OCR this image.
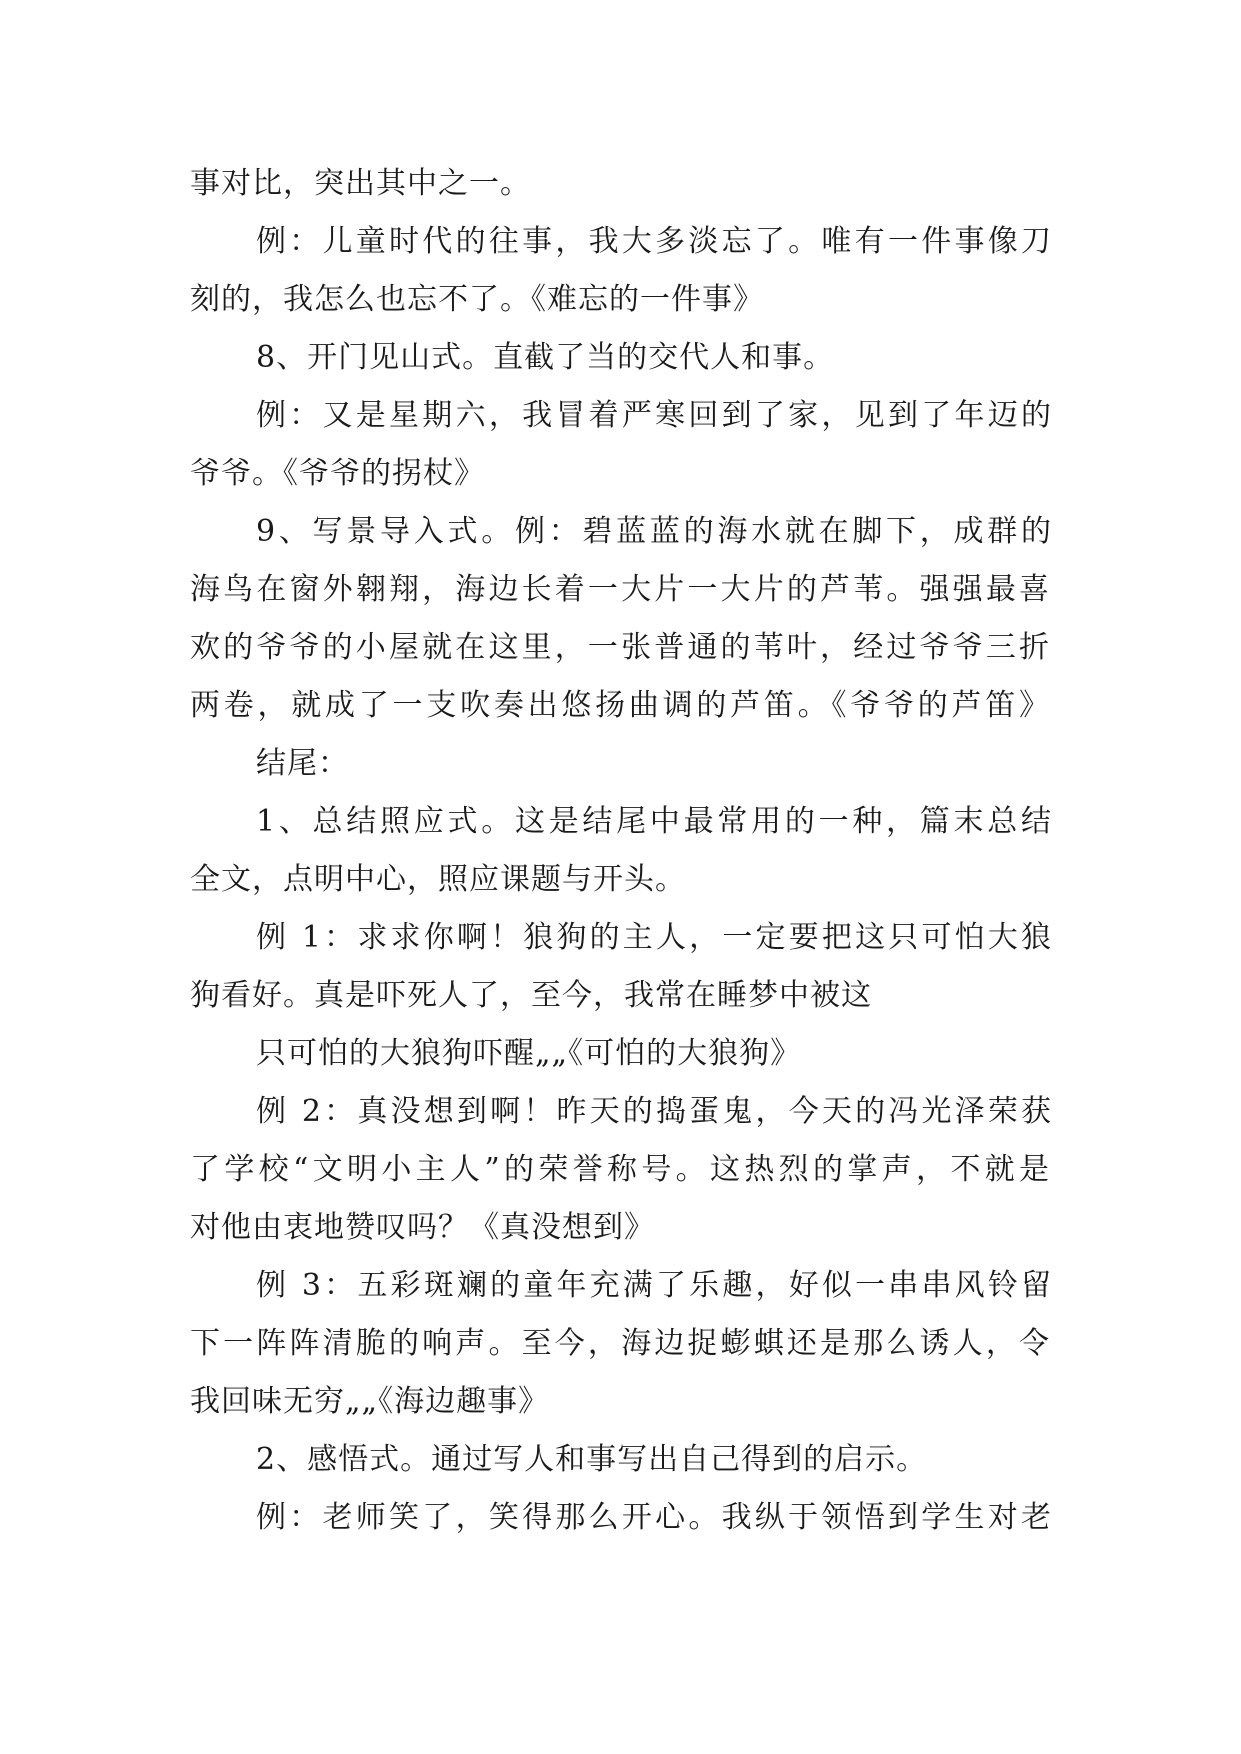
事对比，突出其中之一。
例：儿童时代的往事，我大多淡忘了。唯有一件事像刀
刻的，我怎么也忘不了。《难忘的一件事》
8、开门见山式。直截了当的交代人和事。
例：又是星期六，我冒着严寒回到了家，见到了年迈的
爷爷。《爷爷的拐杖》
9、写景导入式。例：碧蓝蓝的海水就在脚下，成群的
海鸟在窗外翱翔，海边长着一大片一大片的芦苇。强强最喜
欢的爷爷的小屋就在这里，一张普通的苇叶，经过爷爷三折
两卷，就成了一支吹奏出悠扬曲调的芦笛。《爷爷的芦笛》
结尾：
1、总结照应式。这是结尾中最常用的一种，篇末总结
全文，点明中心，照应课题与开头。
例 1：求求你啊！狼狗的主人，一定要把这只可怕大狼
狗看好。真是吓死人了，至今，我常在睡梦中被这
只可怕的大狼狗吓醒„„《可怕的大狼狗》
例 2：真没想到啊！昨天的捣蛋鬼，今天的冯光泽荣获
了学校“文明小主人”的荣誉称号。这热烈的掌声，不就是
对他由衷地赞叹吗？《真没想到》
例 3：五彩斑斓的童年充满了乐趣，好似一串串风铃留
下一阵阵清脆的响声。至今，海边捉蟛蜞还是那么诱人，令
我回味无穷„„《海边趣事》
2、感悟式。通过写人和事写出自己得到的启示。
例：老师笑了，笑得那么开心。我纵于领悟到学生对老
